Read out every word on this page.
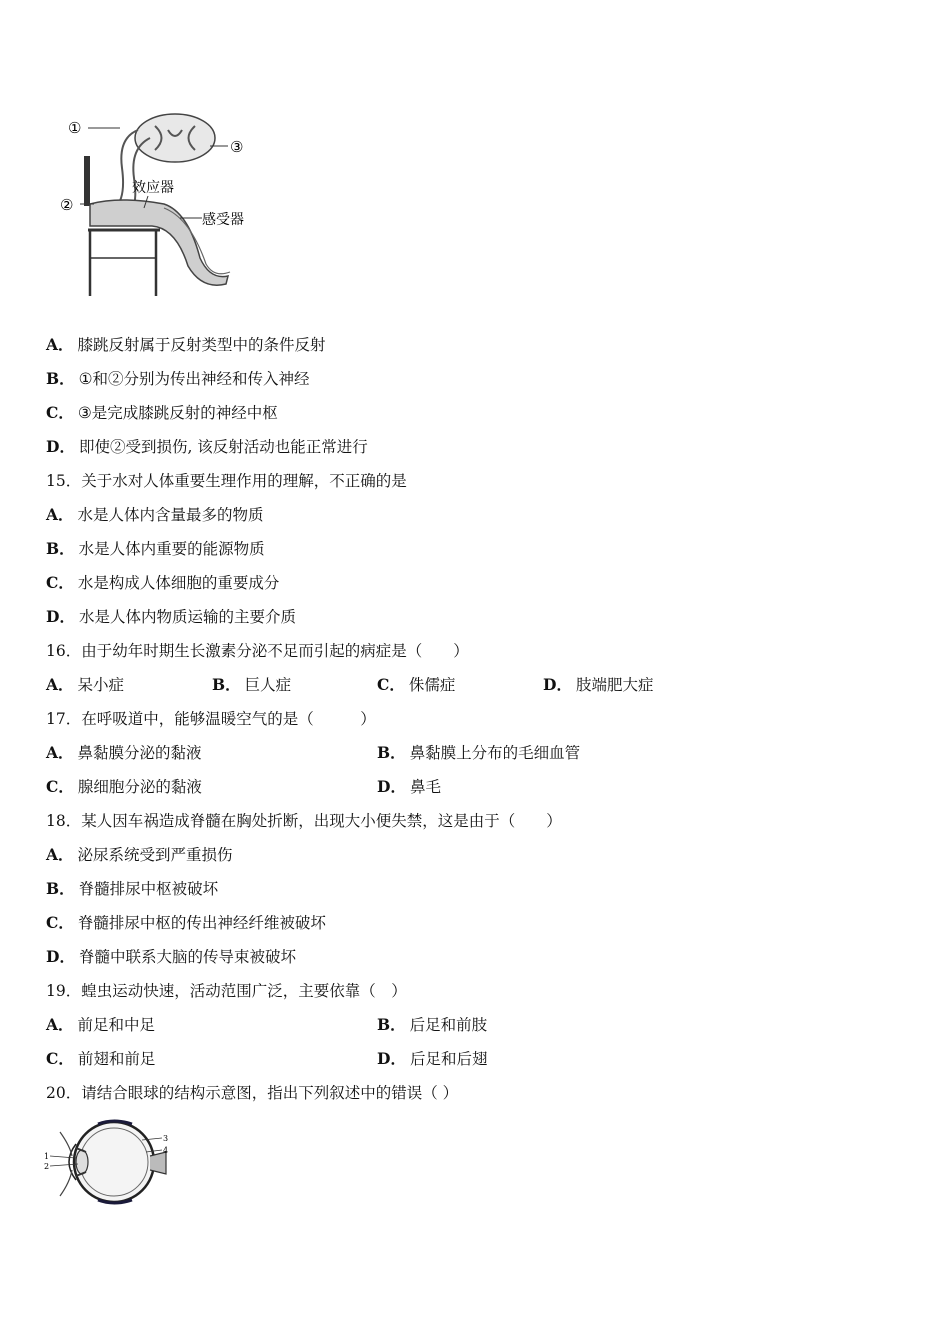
①
③
②
效应器
感受器
A． 膝跳反射属于反射类型中的条件反射
B． ①和②分别为传出神经和传入神经
C． ③是完成膝跳反射的神经中枢
D． 即使②受到损伤, 该反射活动也能正常进行
15．关于水对人体重要生理作用的理解，不正确的是
A． 水是人体内含量最多的物质
B． 水是人体内重要的能源物质
C． 水是构成人体细胞的重要成分
D． 水是人体内物质运输的主要介质
16．由于幼年时期生长激素分泌不足而引起的病症是（　　）
A． 呆小症	B． 巨人症	C． 侏儒症	D． 肢端肥大症
17．在呼吸道中，能够温暖空气的是（　　　）
A． 鼻黏膜分泌的黏液	B． 鼻黏膜上分布的毛细血管
C． 腺细胞分泌的黏液	D． 鼻毛
18．某人因车祸造成脊髓在胸处折断，出现大小便失禁，这是由于（　　）
A． 泌尿系统受到严重损伤
B． 脊髓排尿中枢被破坏
C． 脊髓排尿中枢的传出神经纤维被破坏
D． 脊髓中联系大脑的传导束被破坏
19．蝗虫运动快速，活动范围广泛，主要依靠（　）
A． 前足和中足	B． 后足和前肢
C． 前翅和前足	D． 后足和后翅
20．请结合眼球的结构示意图，指出下列叙述中的错误（ ）
1
2
3
4
